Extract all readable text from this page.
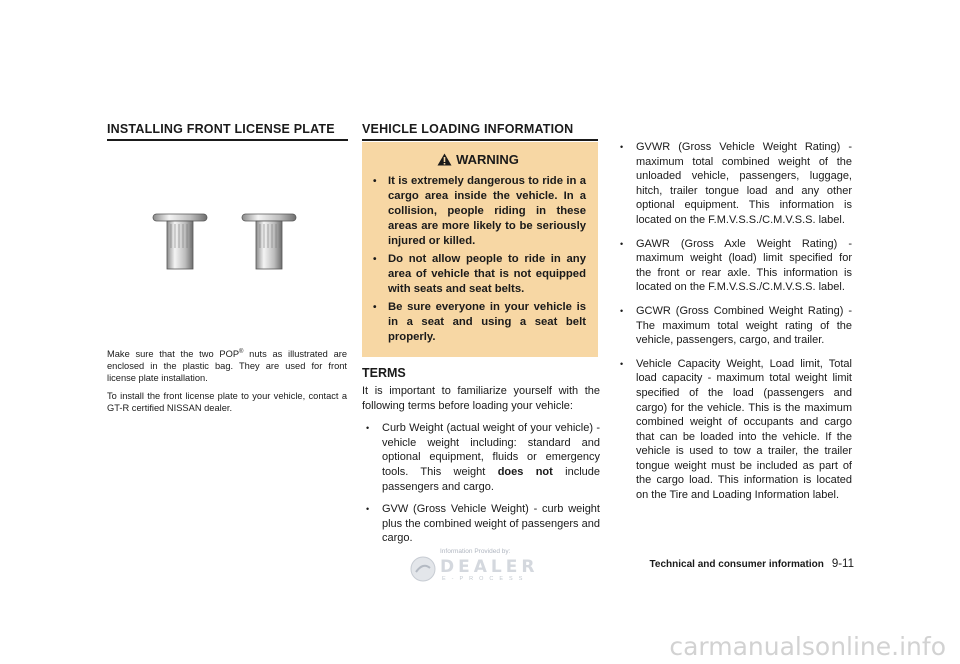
INSTALLING FRONT LICENSE PLATE

Make sure that the two POP® nuts as illustrated are enclosed in the plastic bag. They are used for front license plate installation.

To install the front license plate to your vehicle, contact a GT-R certified NISSAN dealer.

VEHICLE LOADING INFORMATION
WARNING
• It is extremely dangerous to ride in a cargo area inside the vehicle. In a collision, people riding in these areas are more likely to be seriously injured or killed.
• Do not allow people to ride in any area of vehicle that is not equipped with seats and seat belts.
• Be sure everyone in your vehicle is in a seat and using a seat belt properly.
TERMS

It is important to familiarize yourself with the following terms before loading your vehicle:

• Curb Weight (actual weight of your vehicle) - vehicle weight including: standard and optional equipment, fluids or emergency tools. This weight does not include passengers and cargo.
• GVW (Gross Vehicle Weight) - curb weight plus the combined weight of passengers and cargo.
• GVWR (Gross Vehicle Weight Rating) - maximum total combined weight of the unloaded vehicle, passengers, luggage, hitch, trailer tongue load and any other optional equipment. This information is located on the F.M.V.S.S./C.M.V.S.S. label.
• GAWR (Gross Axle Weight Rating) - maximum weight (load) limit specified for the front or rear axle. This information is located on the F.M.V.S.S./C.M.V.S.S. label.
• GCWR (Gross Combined Weight Rating) - The maximum total weight rating of the vehicle, passengers, cargo, and trailer.
• Vehicle Capacity Weight, Load limit, Total load capacity - maximum total weight limit specified of the load (passengers and cargo) for the vehicle. This is the maximum combined weight of occupants and cargo that can be loaded into the vehicle. If the vehicle is used to tow a trailer, the trailer tongue weight must be included as part of the cargo load. This information is located on the Tire and Loading Information label.
Information Provided by:
DEALER
E-PROCESS
Technical and consumer information 9-11
carmanualsonline.info
